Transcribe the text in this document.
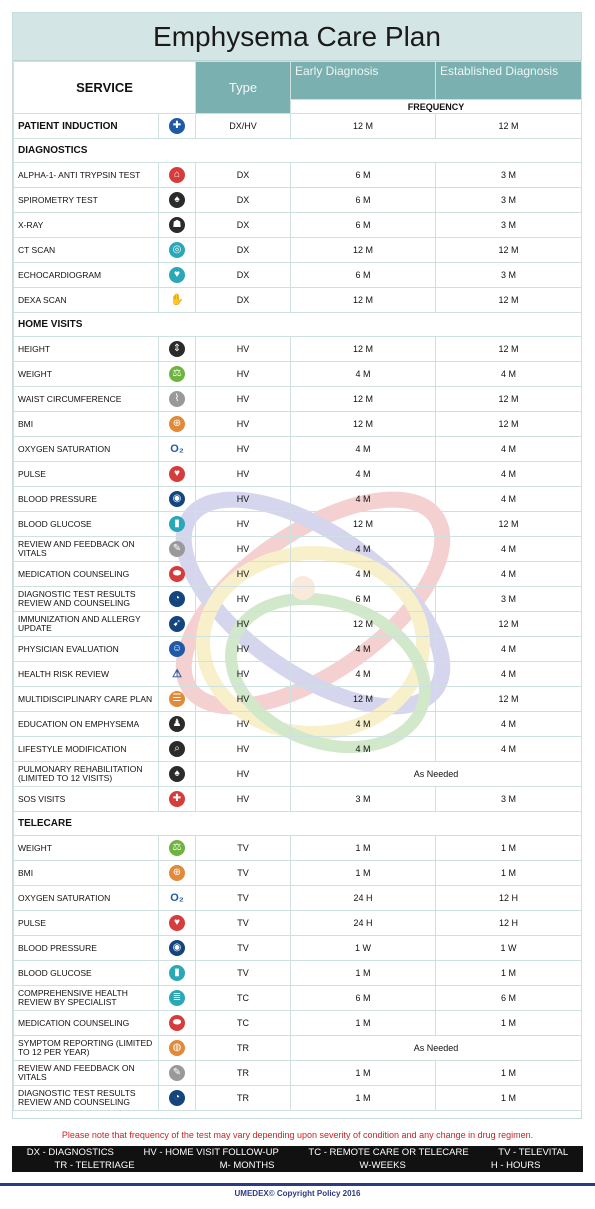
Emphysema Care Plan
SERVICE		Type	Early Diagnosis	Established Diagnosis
			FREQUENCY	
PATIENT INDUCTION	✚	DX/HV	12 M	12 M
DIAGNOSTICS				
ALPHA-1- ANTI TRYPSIN TEST	⌂	DX	6 M	3 M
SPIROMETRY TEST	♠	DX	6 M	3 M
X-RAY	☗	DX	6 M	3 M
CT SCAN	◎	DX	12 M	12 M
ECHOCARDIOGRAM	♥	DX	6 M	3 M
DEXA SCAN	✋	DX	12 M	12 M
HOME VISITS				
HEIGHT	⇕	HV	12 M	12 M
WEIGHT	⚖	HV	4 M	4 M
WAIST CIRCUMFERENCE	⌇	HV	12 M	12 M
BMI	⊕	HV	12 M	12 M
OXYGEN SATURATION	O₂	HV	4 M	4 M
PULSE	♥	HV	4 M	4 M
BLOOD PRESSURE	◉	HV	4 M	4 M
BLOOD GLUCOSE	▮	HV	12 M	12 M
REVIEW AND FEEDBACK ON VITALS	✎	HV	4 M	4 M
MEDICATION COUNSELING	⬬	HV	4 M	4 M
DIAGNOSTIC TEST RESULTS REVIEW AND COUNSELING	◔	HV	6 M	3 M
IMMUNIZATION AND ALLERGY UPDATE	➹	HV	12 M	12 M
PHYSICIAN EVALUATION	☺	HV	4 M	4 M
HEALTH RISK REVIEW	⚠	HV	4 M	4 M
MULTIDISCIPLINARY CARE PLAN	☰	HV	12 M	12 M
EDUCATION ON EMPHYSEMA	♟	HV	4 M	4 M
LIFESTYLE MODIFICATION	⌕	HV	4 M	4 M
PULMONARY REHABILITATION (LIMITED TO 12 VISITS)	♠	HV	As Needed	
SOS VISITS	✚	HV	3 M	3 M
TELECARE				
WEIGHT	⚖	TV	1 M	1 M
BMI	⊕	TV	1 M	1 M
OXYGEN SATURATION	O₂	TV	24 H	12 H
PULSE	♥	TV	24 H	12 H
BLOOD PRESSURE	◉	TV	1 W	1 W
BLOOD GLUCOSE	▮	TV	1 M	1 M
COMPREHENSIVE HEALTH REVIEW BY SPECIALIST	≣	TC	6 M	6 M
MEDICATION COUNSELING	⬬	TC	1 M	1 M
SYMPTOM REPORTING (LIMITED TO 12 PER YEAR)	◍	TR	As Needed	
REVIEW AND FEEDBACK ON VITALS	✎	TR	1 M	1 M
DIAGNOSTIC TEST RESULTS REVIEW AND COUNSELING	◔	TR	1 M	1 M
Please note that frequency of the test may vary depending upon severity of condition and any change in drug regimen.
DX - DIAGNOSTICS	HV - HOME VISIT FOLLOW-UP	TC - REMOTE CARE OR TELECARE	TV - TELEVITAL
TR - TELETRIAGE	M- MONTHS	W-WEEKS	H - HOURS
UMEDEX© Copyright Policy 2016
